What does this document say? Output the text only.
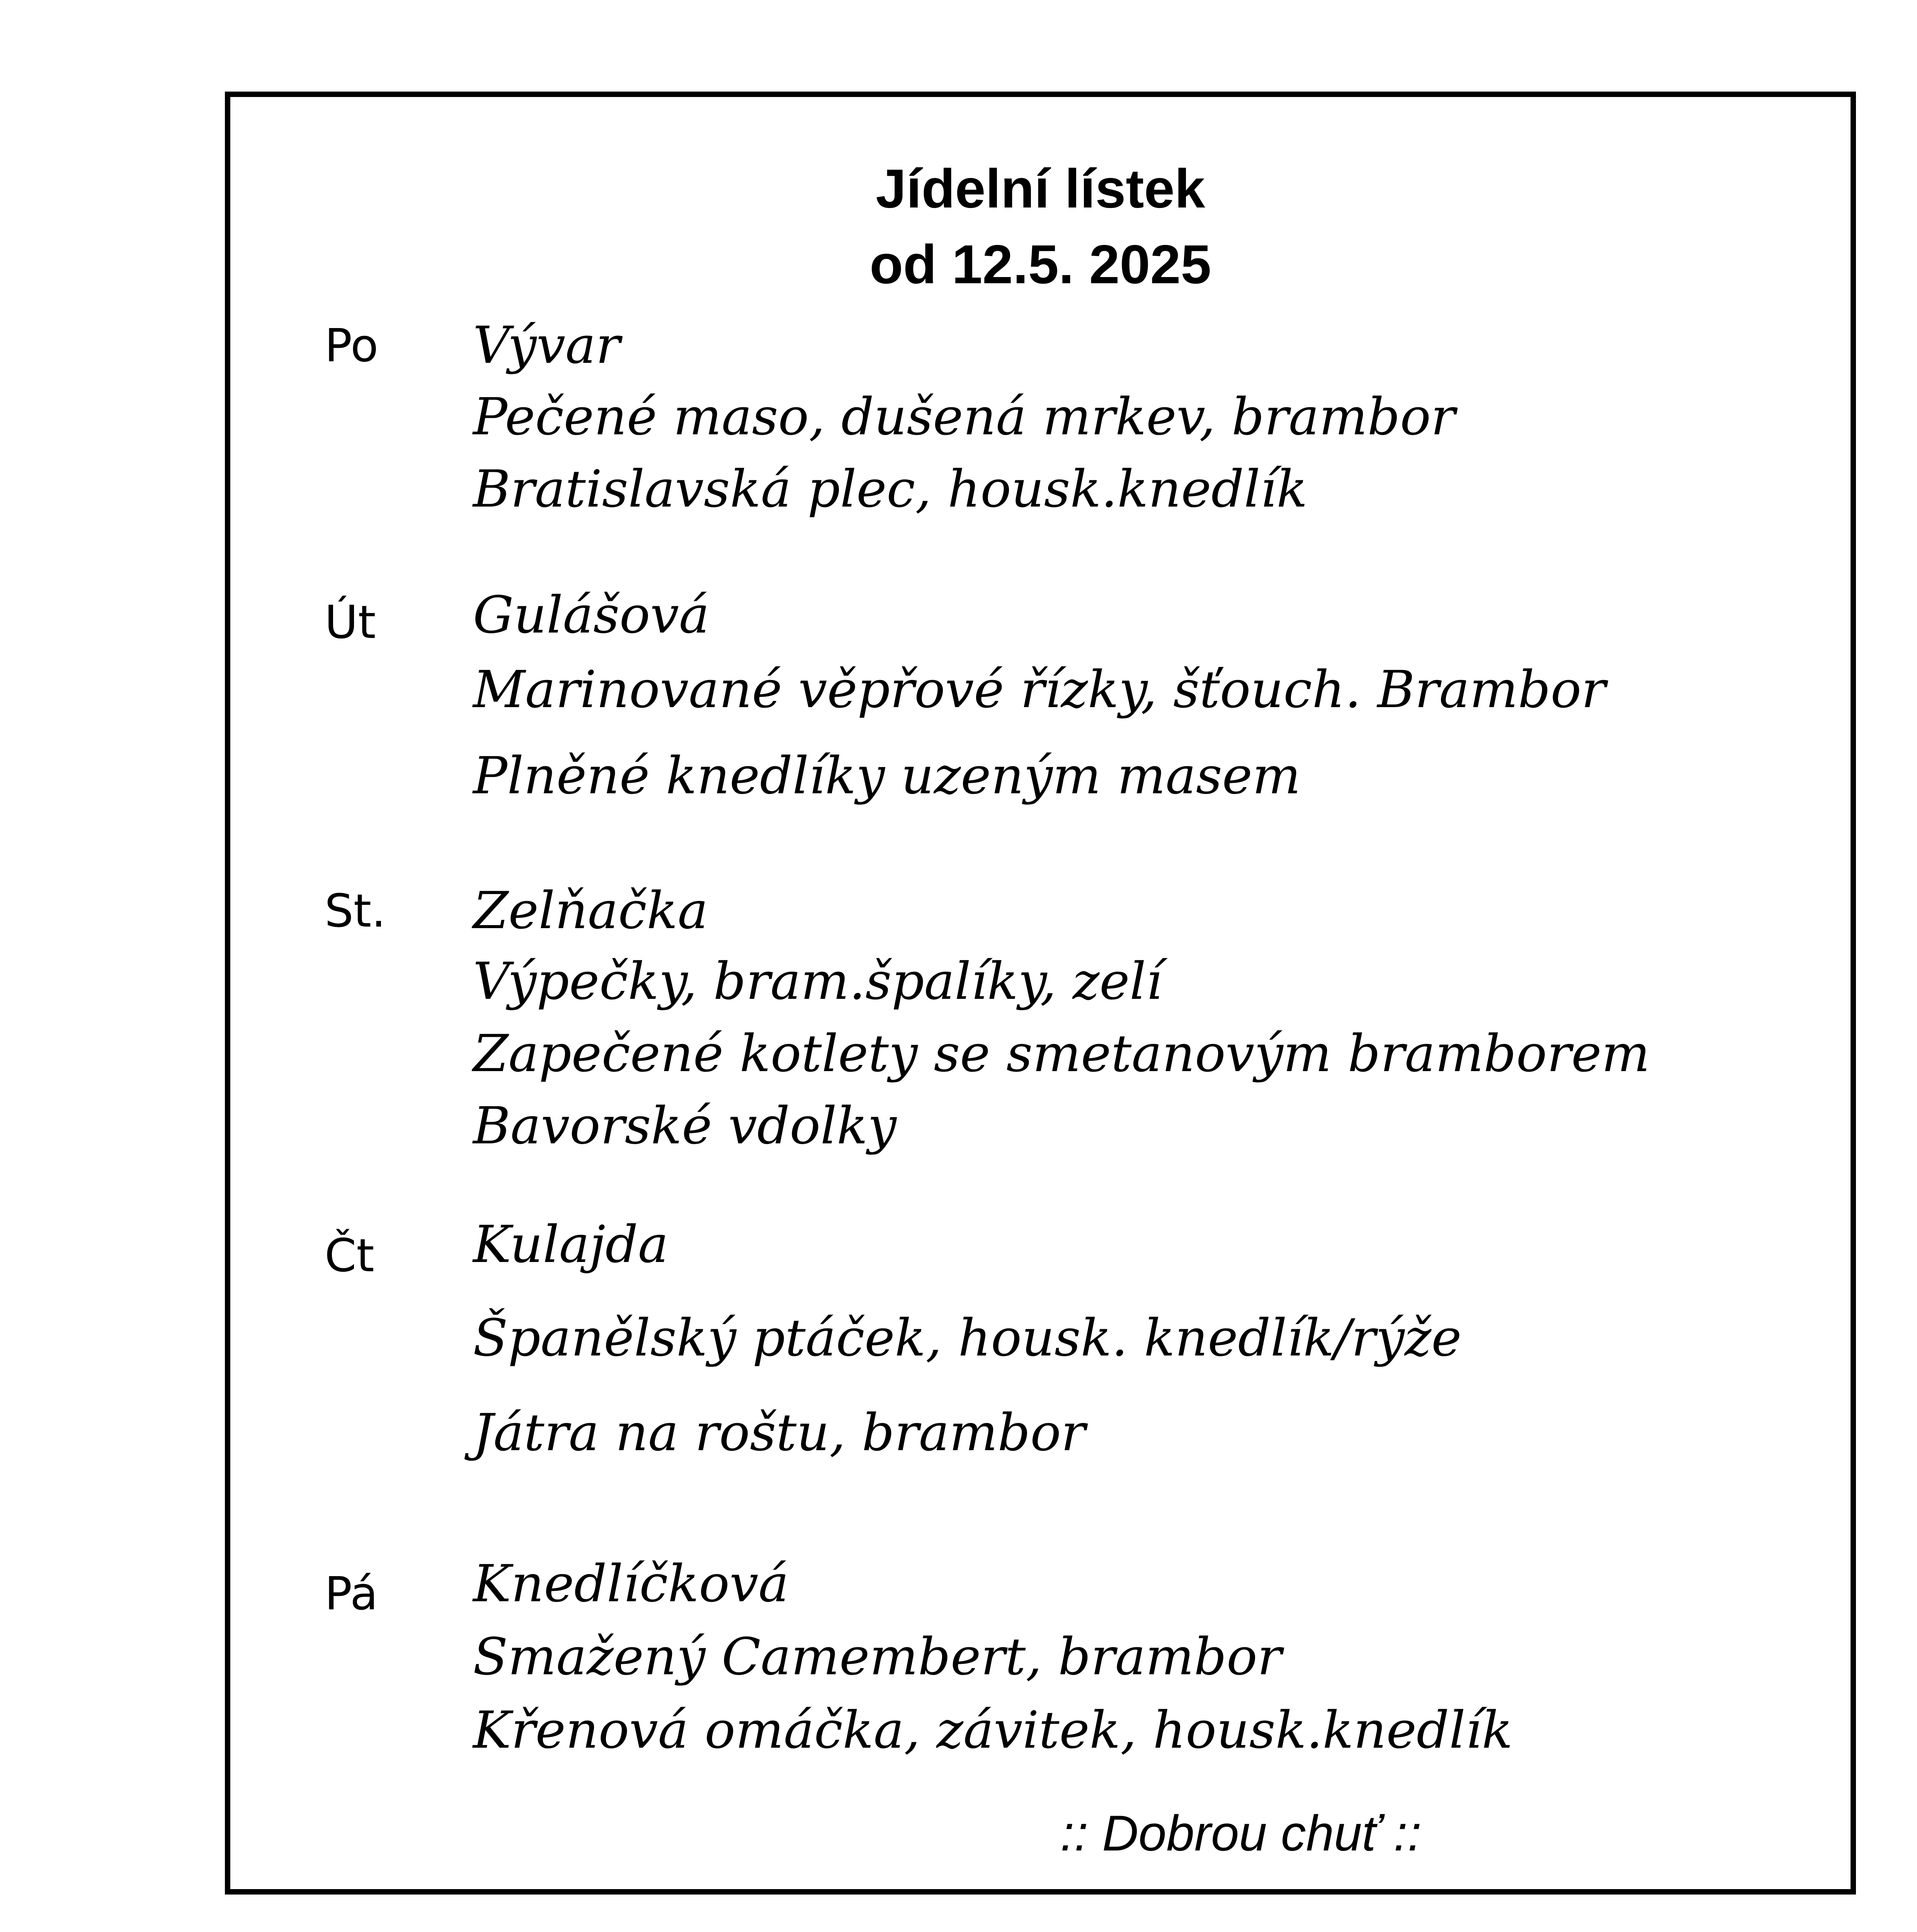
Jídelní lístek
od 12.5. 2025
Po Vývar
Pečené maso, dušená mrkev, brambor
Bratislavská plec, housk.knedlík
Út Gulášová
Marinované věpřové řízky, šťouch. Brambor
Plněné knedlíky uzeným masem
St. Zelňačka
Výpečky, bram.špalíky, zelí
Zapečené kotlety se smetanovým bramborem
Bavorské vdolky
Čt Kulajda
Španělský ptáček, housk. knedlík/rýže
Játra na roštu, brambor
Pá Knedlíčková
Smažený Camembert, brambor
Křenová omáčka, závitek, housk.knedlík
:: Dobrou chuť ::
